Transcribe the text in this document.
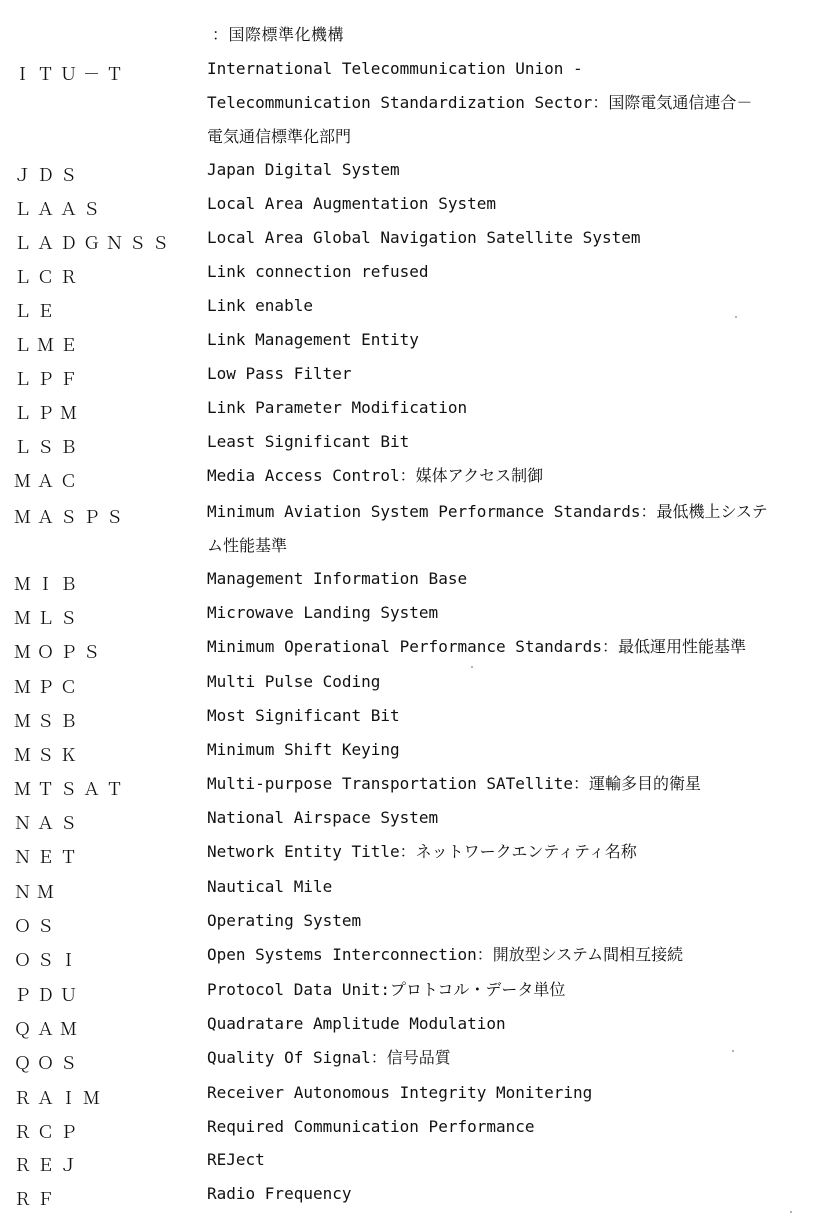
：国際標準化機構
ＩＴＵ－Ｔ	International Telecommunication Union -
Telecommunication Standardization Sector：国際電気通信連合－
電気通信標準化部門
ＪＤＳ	Japan Digital System
ＬＡＡＳ	Local Area Augmentation System
ＬＡＤＧＮＳＳ Local Area Global Navigation Satellite System
ＬＣＲ	Link connection refused
ＬＥ	Link enable
ＬＭＥ	Link Management Entity
ＬＰＦ	Low Pass Filter
ＬＰＭ	Link Parameter Modification
ＬＳＢ	Least Significant Bit
ＭＡＣ	Media Access Control：媒体アクセス制御
ＭＡＳＰＳ	Minimum Aviation System Performance Standards：最低機上システ
ム性能基準
ＭＩＢ	Management Information Base
ＭＬＳ	Microwave Landing System
ＭＯＰＳ	Minimum Operational Performance Standards：最低運用性能基準
ＭＰＣ	Multi Pulse Coding
ＭＳＢ	Most Significant Bit
ＭＳＫ	Minimum Shift Keying
ＭＴＳＡＴ	Multi-purpose Transportation SATellite：運輸多目的衛星
ＮＡＳ	National Airspace System
ＮＥＴ	Network Entity Title：ネットワークエンティティ名称
ＮＭ	Nautical Mile
ＯＳ	Operating System
ＯＳＩ	Open Systems Interconnection：開放型システム間相互接続
ＰＤＵ	Protocol Data Unit:プロトコル・データ単位
ＱＡＭ	Quadratare Amplitude Modulation
ＱＯＳ	Quality Of Signal：信号品質
ＲＡＩＭ	Receiver Autonomous Integrity Monitering
ＲＣＰ	Required Communication Performance
ＲＥＪ	REJect
ＲＦ	Radio Frequency
